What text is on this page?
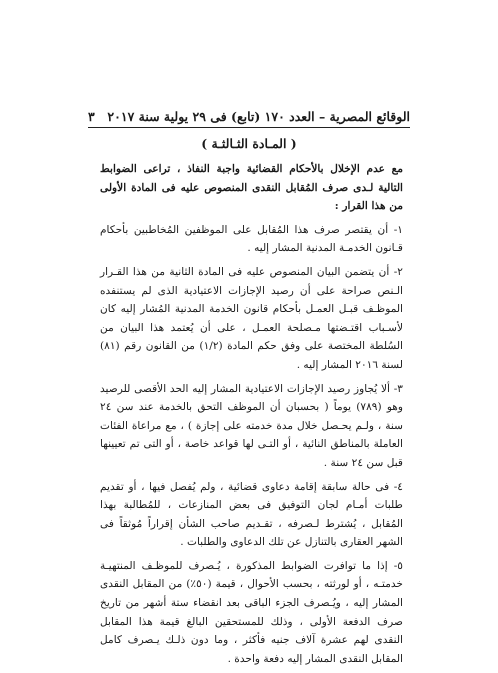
الوقائع المصرية – العدد ١٧٠ (تابع) فى ٢٩ يولية سنة ٢٠١٧
٣
( المـادة الثـالثـة )

مع عدم الإخلال بالأحكام القضائية واجبة النفاذ ، تراعى الضوابط التالية لـدى صرف المُقابل النقدى المنصوص عليه فى المادة الأولى من هذا القرار :

١- أن يقتصر صرف هذا المُقابل على الموظفين المُخاطبين بأحكام قـانون الخدمـة المدنية المشار إليه .

٢- أن يتضمن البيان المنصوص عليه فى المادة الثانية من هذا القـرار الـنص صراحة على أن رصيد الإجازات الاعتيادية الذى لم يستنفده الموظـف قبـل العمـل بأحكام قانون الخدمة المدنية المُشار إليه كان لأسـباب اقتـضتها مـصلحة العمـل ، على أن يُعتمد هذا البيان من السُلطة المختصة على وفق حكم المادة (١/٢) من القانون رقم (٨١) لسنة ٢٠١٦ المشار إليه .

٣- ألا يُجاوز رصيد الإجازات الاعتيادية المشار إليه الحد الأقصى للرصيد وهو (٧٨٩) يوماً ( بحسبان أن الموظف التحق بالخدمة عند سن ٢٤ سنة ، ولـم يحـصل خلال مدة خدمته على إجازة ) ، مع مراعاة الفئات العاملة بالمناطق النائية ، أو التـى لها قواعد خاصة ، أو التى تم تعيينها قبل سن ٢٤ سنة .

٤- فى حالة سابقة إقامة دعاوى قضائية ، ولم يُفصل فيها ، أو تقديم طلبات أمـام لجان التوفيق فى بعض المنازعات ، للمُطالبة بهذا المُقابل ، يُشترط لـصرفه ، تقـديم صاحب الشأن إقراراً مُوثقاً فى الشهر العقارى بالتنازل عن تلك الدعاوى والطلبات .

٥- إذا ما توافرت الضوابط المذكورة ، يُـصرف للموظـف المنتهيـة خدمتـه ، أو لورثته ، بحسب الأحوال ، قيمة (٥٠٪) من المقابل النقدى المشار إليه ، ويُـصرف الجزء الباقى بعد انقضاء ستة أشهر من تاريخ صرف الدفعة الأولى ، وذلك للمستحقين البالغ قيمة هذا المقابل النقدى لهم عشرة آلاف جنيه فأكثر ، وما دون ذلـك يـصرف كامل المقابل النقدى المشار إليه دفعة واحدة .
